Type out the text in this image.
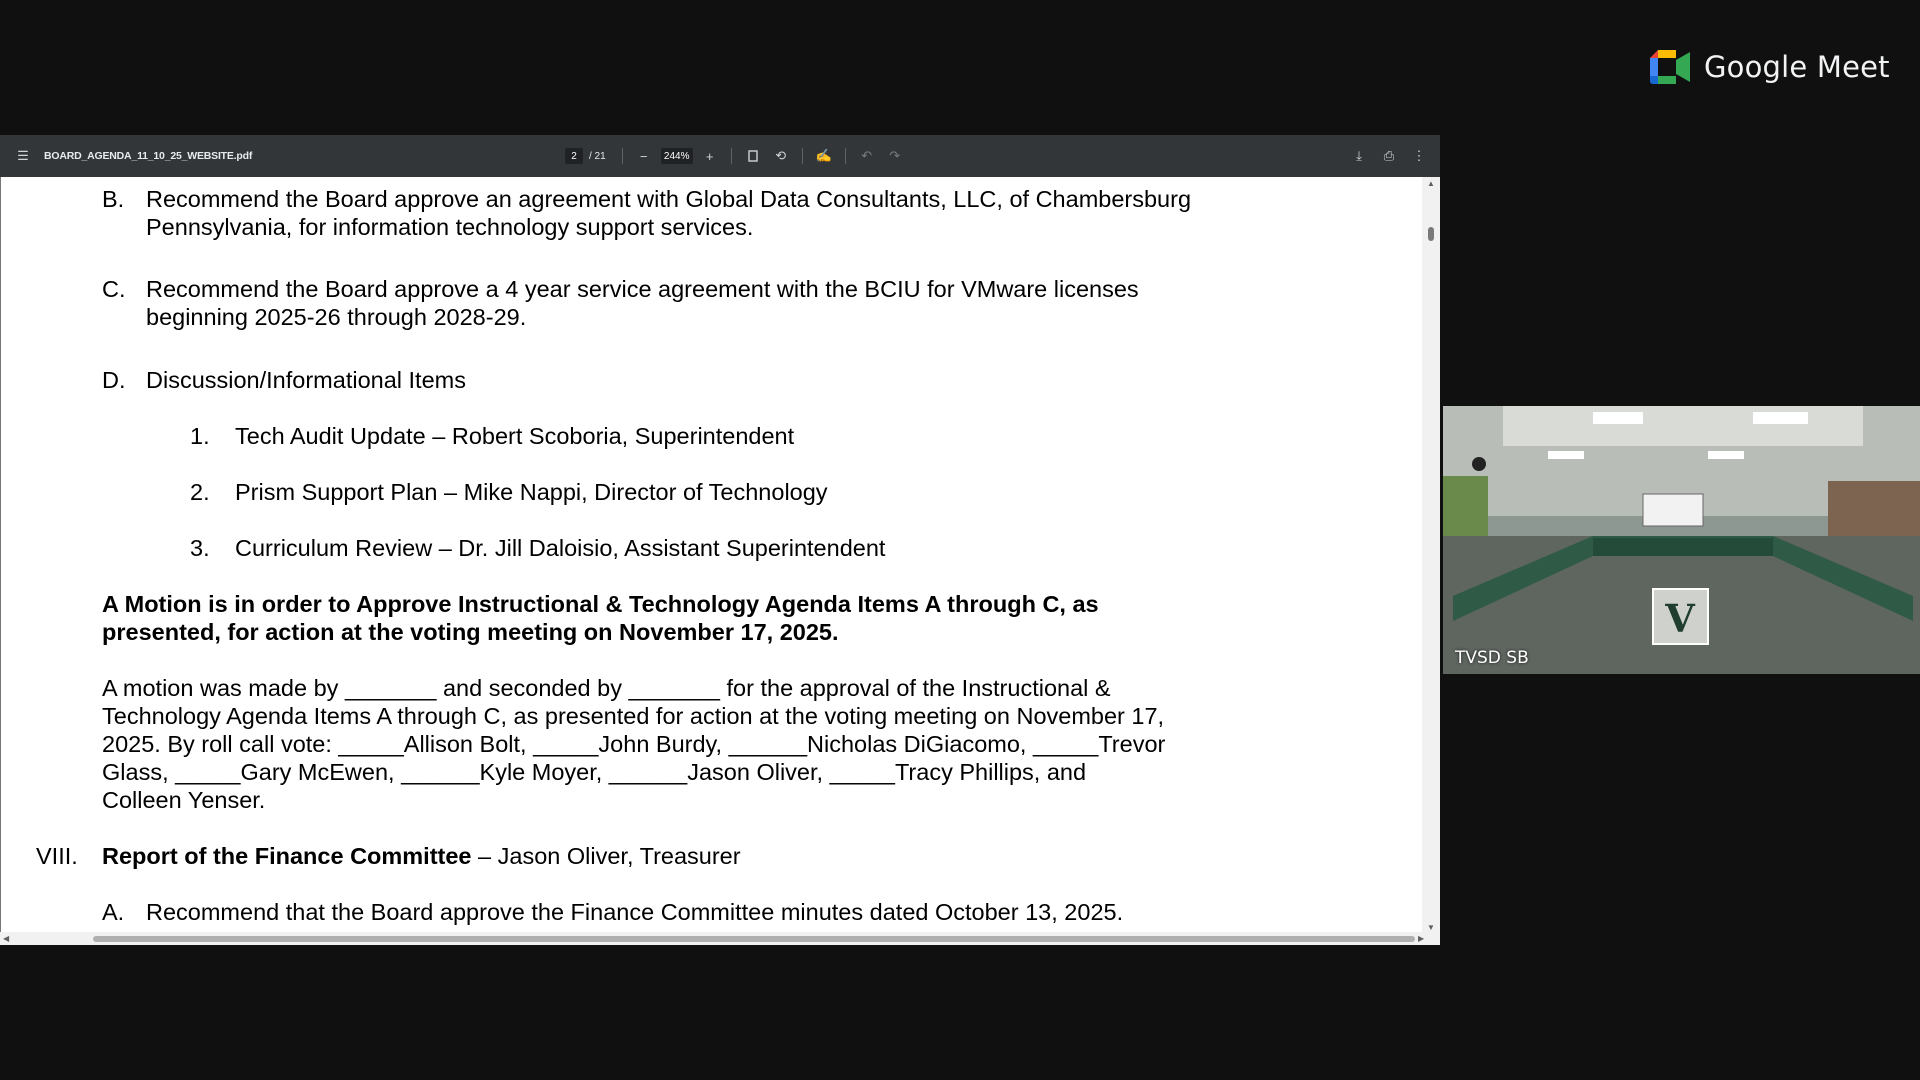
Google Meet
☰	BOARD_AGENDA_11_10_25_WEBSITE.pdf	2	/ 21	−	244%	+	⟲	✍	↶	↷	⤓	⎙	⋮
B. Recommend the Board approve an agreement with Global Data Consultants, LLC, of Chambersburg
Pennsylvania, for information technology support services.
C. Recommend the Board approve a 4 year service agreement with the BCIU for VMware licenses
beginning 2025-26 through 2028-29.
D. Discussion/Informational Items
1. Tech Audit Update – Robert Scoboria, Superintendent
2. Prism Support Plan – Mike Nappi, Director of Technology
3. Curriculum Review – Dr. Jill Daloisio, Assistant Superintendent
A Motion is in order to Approve Instructional & Technology Agenda Items A through C, as
presented, for action at the voting meeting on November 17, 2025.
A motion was made by _______ and seconded by _______ for the approval of the Instructional &
Technology Agenda Items A through C, as presented for action at the voting meeting on November 17,
2025. By roll call vote: _____Allison Bolt, _____John Burdy, ______Nicholas DiGiacomo, _____Trevor
Glass, _____Gary McEwen, ______Kyle Moyer, ______Jason Oliver, _____Tracy Phillips, and
Colleen Yenser.
VIII. Report of the Finance Committee – Jason Oliver, Treasurer
A. Recommend that the Board approve the Finance Committee minutes dated October 13, 2025.
▲
▼
◀	▶
V
TVSD SB
